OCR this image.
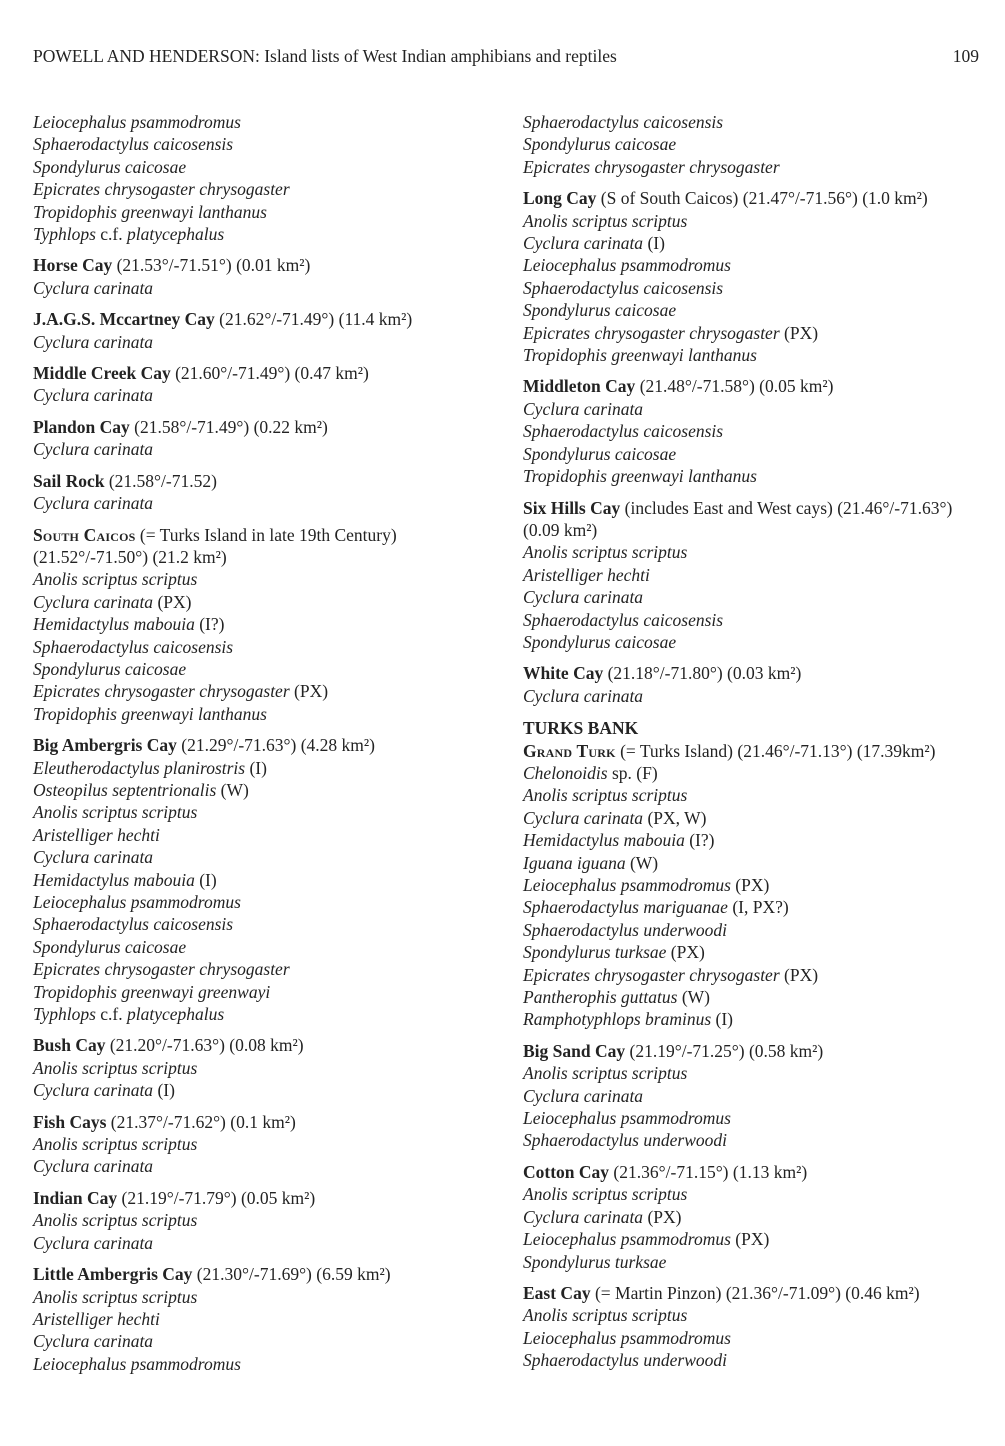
POWELL AND HENDERSON: Island lists of West Indian amphibians and reptiles	109

Leiocephalus psammodromus

Sphaerodactylus caicosensis

Spondylurus caicosae

Epicrates chrysogaster chrysogaster

Tropidophis greenwayi lanthanus

Typhlops c.f. platycephalus

Horse Cay (21.53°/-71.51°) (0.01 km²)

Cyclura carinata

J.A.G.S. Mccartney Cay (21.62°/-71.49°) (11.4 km²)

Cyclura carinata

Middle Creek Cay (21.60°/-71.49°) (0.47 km²)

Cyclura carinata

Plandon Cay (21.58°/-71.49°) (0.22 km²)

Cyclura carinata

Sail Rock (21.58°/-71.52)

Cyclura carinata

South Caicos (= Turks Island in late 19th Century) (21.52°/-71.50°) (21.2 km²)

Anolis scriptus scriptus

Cyclura carinata (PX)

Hemidactylus mabouia (I?)

Sphaerodactylus caicosensis

Spondylurus caicosae

Epicrates chrysogaster chrysogaster (PX)

Tropidophis greenwayi lanthanus

Big Ambergris Cay (21.29°/-71.63°) (4.28 km²)

Eleutherodactylus planirostris (I)

Osteopilus septentrionalis (W)

Anolis scriptus scriptus

Aristelliger hechti

Cyclura carinata

Hemidactylus mabouia (I)

Leiocephalus psammodromus

Sphaerodactylus caicosensis

Spondylurus caicosae

Epicrates chrysogaster chrysogaster

Tropidophis greenwayi greenwayi

Typhlops c.f. platycephalus

Bush Cay (21.20°/-71.63°) (0.08 km²)

Anolis scriptus scriptus

Cyclura carinata (I)

Fish Cays (21.37°/-71.62°) (0.1 km²)

Anolis scriptus scriptus

Cyclura carinata

Indian Cay (21.19°/-71.79°) (0.05 km²)

Anolis scriptus scriptus

Cyclura carinata

Little Ambergris Cay (21.30°/-71.69°) (6.59 km²)

Anolis scriptus scriptus

Aristelliger hechti

Cyclura carinata

Leiocephalus psammodromus

Sphaerodactylus caicosensis

Spondylurus caicosae

Epicrates chrysogaster chrysogaster

Long Cay (S of South Caicos) (21.47°/-71.56°) (1.0 km²)

Anolis scriptus scriptus

Cyclura carinata (I)

Leiocephalus psammodromus

Sphaerodactylus caicosensis

Spondylurus caicosae

Epicrates chrysogaster chrysogaster (PX)

Tropidophis greenwayi lanthanus

Middleton Cay (21.48°/-71.58°) (0.05 km²)

Cyclura carinata

Sphaerodactylus caicosensis

Spondylurus caicosae

Tropidophis greenwayi lanthanus

Six Hills Cay (includes East and West cays) (21.46°/-71.63°) (0.09 km²)

Anolis scriptus scriptus

Aristelliger hechti

Cyclura carinata

Sphaerodactylus caicosensis

Spondylurus caicosae

White Cay (21.18°/-71.80°) (0.03 km²)

Cyclura carinata

TURKS BANK

Grand Turk (= Turks Island) (21.46°/-71.13°) (17.39km²)

Chelonoidis sp. (F)

Anolis scriptus scriptus

Cyclura carinata (PX, W)

Hemidactylus mabouia (I?)

Iguana iguana (W)

Leiocephalus psammodromus (PX)

Sphaerodactylus mariguanae (I, PX?)

Sphaerodactylus underwoodi

Spondylurus turksae (PX)

Epicrates chrysogaster chrysogaster (PX)

Pantherophis guttatus (W)

Ramphotyphlops braminus (I)

Big Sand Cay (21.19°/-71.25°) (0.58 km²)

Anolis scriptus scriptus

Cyclura carinata

Leiocephalus psammodromus

Sphaerodactylus underwoodi

Cotton Cay (21.36°/-71.15°) (1.13 km²)

Anolis scriptus scriptus

Cyclura carinata (PX)

Leiocephalus psammodromus (PX)

Spondylurus turksae

East Cay (= Martin Pinzon) (21.36°/-71.09°) (0.46 km²)

Anolis scriptus scriptus

Leiocephalus psammodromus

Sphaerodactylus underwoodi
